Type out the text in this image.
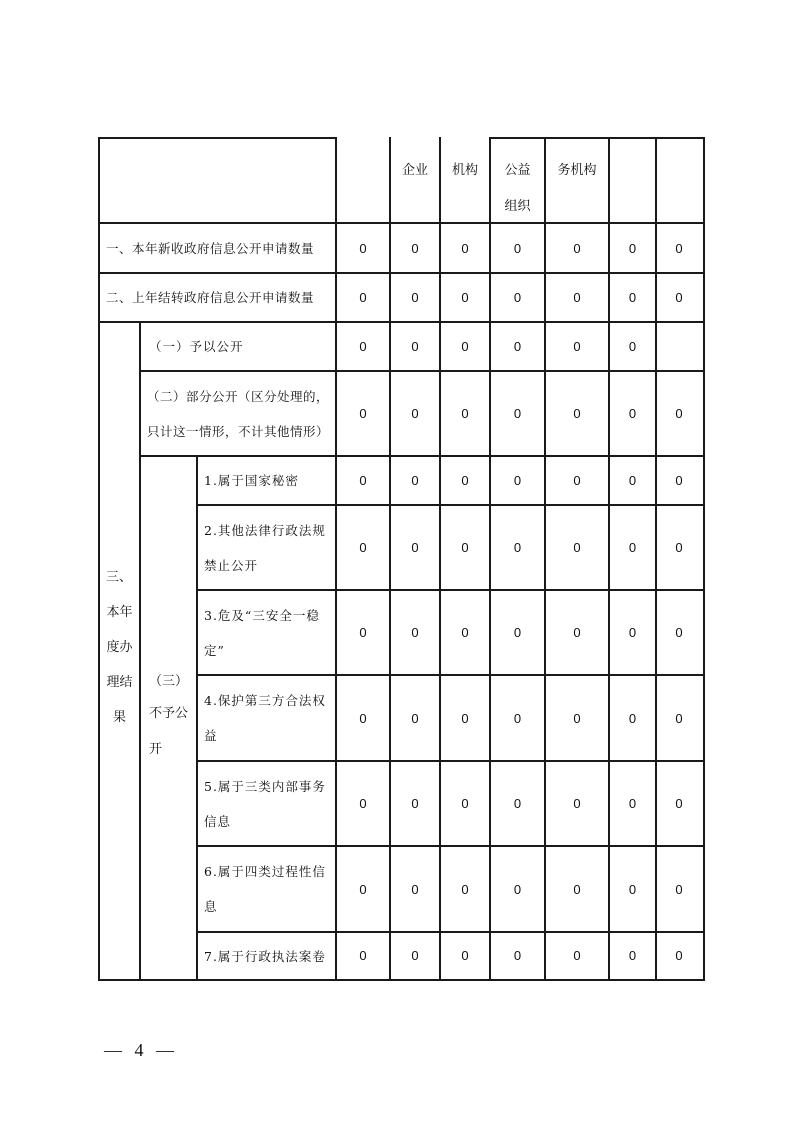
企业 机构 公益
组织
务机构
一、本年新收政府信息公开申请数量
二、上年结转政府信息公开申请数量
（一）予以公开
（二）部分公开（区分处理的，
只计这一情形，不计其他情形）
1.属于国家秘密
2.其他法律行政法规
禁止公开
3.危及“三安全一稳
定”
4.保护第三方合法权
益
5.属于三类内部事务
信息
6.属于四类过程性信
息
7.属于行政执法案卷
三、
本年
度办
理结
果
（三）
不予公
开
0	0	0	0	0	0	0
0	0	0	0	0	0	0
0	0	0	0	0	0
0	0	0	0	0	0	0
0	0	0	0	0	0	0
0	0	0	0	0	0	0
0	0	0	0	0	0	0
0	0	0	0	0	0	0
0	0	0	0	0	0	0
0	0	0	0	0	0	0
0	0	0	0	0	0	0
— 4 —
